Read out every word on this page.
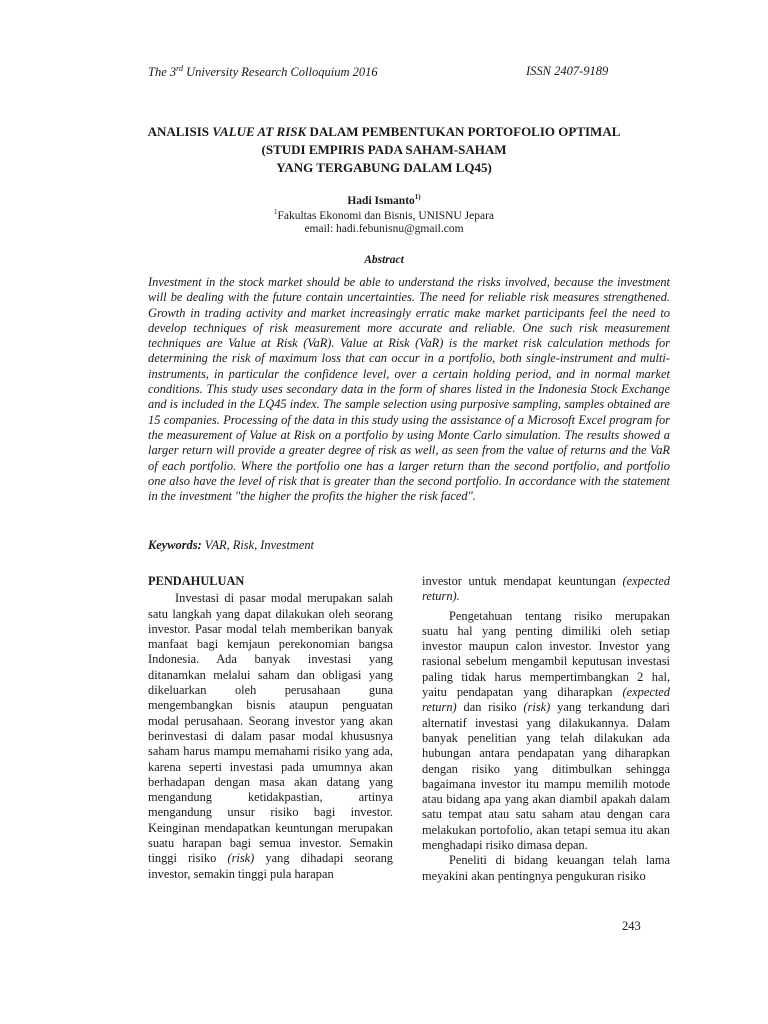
The 3rd University Research Colloquium 2016	ISSN 2407-9189
ANALISIS VALUE AT RISK DALAM PEMBENTUKAN PORTOFOLIO OPTIMAL
(STUDI EMPIRIS PADA SAHAM-SAHAM
YANG TERGABUNG DALAM LQ45)
Hadi Ismanto$^{1)}$
$^1$Fakultas Ekonomi dan Bisnis, UNISNU Jepara
email: hadi.febunisnu@gmail.com
Abstract

Investment in the stock market should be able to understand the risks involved, because the investment will be dealing with the future contain uncertainties. The need for reliable risk measures strengthened. Growth in trading activity and market increasingly erratic make market participants feel the need to develop techniques of risk measurement more accurate and reliable. One such risk measurement techniques are Value at Risk (VaR). Value at Risk (VaR) is the market risk calculation methods for determining the risk of maximum loss that can occur in a portfolio, both single-instrument and multi-instruments, in particular the confidence level, over a certain holding period, and in normal market conditions. This study uses secondary data in the form of shares listed in the Indonesia Stock Exchange and is included in the LQ45 index. The sample selection using purposive sampling, samples obtained are 15 companies. Processing of the data in this study using the assistance of a Microsoft Excel program for the measurement of Value at Risk on a portfolio by using Monte Carlo simulation. The results showed a larger return will provide a greater degree of risk as well, as seen from the value of returns and the VaR of each portfolio. Where the portfolio one has a larger return than the second portfolio, and portfolio one also have the level of risk that is greater than the second portfolio. In accordance with the statement in the investment "the higher the profits the higher the risk faced".

Keywords: VAR, Risk, Investment
PENDAHULUAN

Investasi di pasar modal merupakan salah satu langkah yang dapat dilakukan oleh seorang investor. Pasar modal telah memberikan banyak manfaat bagi kemjaun perekonomian bangsa Indonesia. Ada banyak investasi yang ditanamkan melalui saham dan obligasi yang dikeluarkan oleh perusahaan guna mengembangkan bisnis ataupun penguatan modal perusahaan. Seorang investor yang akan berinvestasi di dalam pasar modal khususnya saham harus mampu memahami risiko yang ada, karena seperti investasi pada umumnya akan berhadapan dengan masa akan datang yang mengandung ketidakpastian, artinya mengandung unsur risiko bagi investor. Keinginan mendapatkan keuntungan merupakan suatu harapan bagi semua investor. Semakin tinggi risiko (risk) yang dihadapi seorang investor, semakin tinggi pula harapan

investor untuk mendapat keuntungan (expected return).

Pengetahuan tentang risiko merupakan suatu hal yang penting dimiliki oleh setiap investor maupun calon investor. Investor yang rasional sebelum mengambil keputusan investasi paling tidak harus mempertimbangkan 2 hal, yaitu pendapatan yang diharapkan (expected return) dan risiko (risk) yang terkandung dari alternatif investasi yang dilakukannya. Dalam banyak penelitian yang telah dilakukan ada hubungan antara pendapatan yang diharapkan dengan risiko yang ditimbulkan sehingga bagaimana investor itu mampu memilih motode atau bidang apa yang akan diambil apakah dalam satu tempat atau satu saham atau dengan cara melakukan portofolio, akan tetapi semua itu akan menghadapi risiko dimasa depan.

Peneliti di bidang keuangan telah lama meyakini akan pentingnya pengukuran risiko

243
